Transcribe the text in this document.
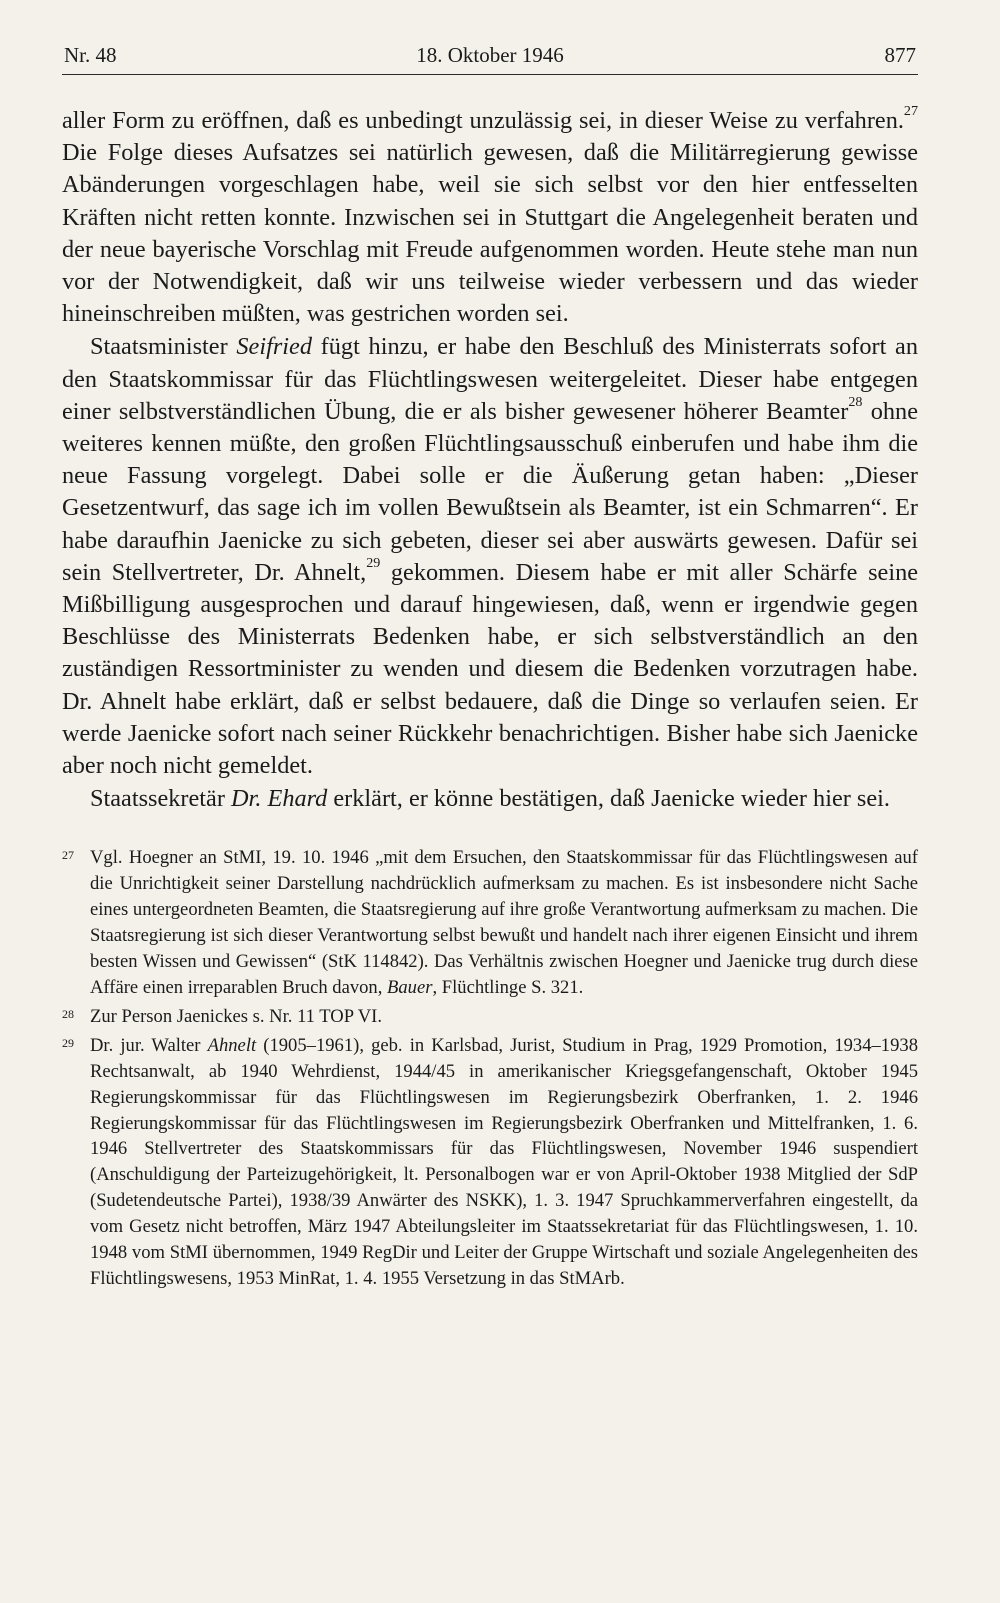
Nr. 48	18. Oktober 1946	877

aller Form zu eröffnen, daß es unbedingt unzulässig sei, in dieser Weise zu verfahren.$^{27}$ Die Folge dieses Aufsatzes sei natürlich gewesen, daß die Militärregierung gewisse Abänderungen vorgeschlagen habe, weil sie sich selbst vor den hier entfesselten Kräften nicht retten konnte. Inzwischen sei in Stuttgart die Angelegenheit beraten und der neue bayerische Vorschlag mit Freude aufgenommen worden. Heute stehe man nun vor der Notwendigkeit, daß wir uns teilweise wieder verbessern und das wieder hineinschreiben müßten, was gestrichen worden sei.

Staatsminister Seifried fügt hinzu, er habe den Beschluß des Ministerrats sofort an den Staatskommissar für das Flüchtlingswesen weitergeleitet. Dieser habe entgegen einer selbstverständlichen Übung, die er als bisher gewesener höherer Beamter$^{28}$ ohne weiteres kennen müßte, den großen Flüchtlingsausschuß einberufen und habe ihm die neue Fassung vorgelegt. Dabei solle er die Äußerung getan haben: „Dieser Gesetzentwurf, das sage ich im vollen Bewußtsein als Beamter, ist ein Schmarren“. Er habe daraufhin Jaenicke zu sich gebeten, dieser sei aber auswärts gewesen. Dafür sei sein Stellvertreter, Dr. Ahnelt,$^{29}$ gekommen. Diesem habe er mit aller Schärfe seine Mißbilligung ausgesprochen und darauf hingewiesen, daß, wenn er irgendwie gegen Beschlüsse des Ministerrats Bedenken habe, er sich selbstverständlich an den zuständigen Ressortminister zu wenden und diesem die Bedenken vorzutragen habe. Dr. Ahnelt habe erklärt, daß er selbst bedauere, daß die Dinge so verlaufen seien. Er werde Jaenicke sofort nach seiner Rückkehr benachrichtigen. Bisher habe sich Jaenicke aber noch nicht gemeldet.

Staatssekretär Dr. Ehard erklärt, er könne bestätigen, daß Jaenicke wieder hier sei.

27 Vgl. Hoegner an StMI, 19. 10. 1946 „mit dem Ersuchen, den Staatskommissar für das Flüchtlingswesen auf die Unrichtigkeit seiner Darstellung nachdrücklich aufmerksam zu machen. Es ist insbesondere nicht Sache eines untergeordneten Beamten, die Staatsregierung auf ihre große Verantwortung aufmerksam zu machen. Die Staatsregierung ist sich dieser Verantwortung selbst bewußt und handelt nach ihrer eigenen Einsicht und ihrem besten Wissen und Gewissen“ (StK 114842). Das Verhältnis zwischen Hoegner und Jaenicke trug durch diese Affäre einen irreparablen Bruch davon, Bauer, Flüchtlinge S. 321.

28 Zur Person Jaenickes s. Nr. 11 TOP VI.

29 Dr. jur. Walter Ahnelt (1905–1961), geb. in Karlsbad, Jurist, Studium in Prag, 1929 Promotion, 1934–1938 Rechtsanwalt, ab 1940 Wehrdienst, 1944/45 in amerikanischer Kriegsgefangenschaft, Oktober 1945 Regierungskommissar für das Flüchtlingswesen im Regierungsbezirk Oberfranken, 1. 2. 1946 Regierungskommissar für das Flüchtlingswesen im Regierungsbezirk Oberfranken und Mittelfranken, 1. 6. 1946 Stellvertreter des Staatskommissars für das Flüchtlingswesen, November 1946 suspendiert (Anschuldigung der Parteizugehörigkeit, lt. Personalbogen war er von April-Oktober 1938 Mitglied der SdP (Sudetendeutsche Partei), 1938/39 Anwärter des NSKK), 1. 3. 1947 Spruchkammerverfahren eingestellt, da vom Gesetz nicht betroffen, März 1947 Abteilungsleiter im Staatssekretariat für das Flüchtlingswesen, 1. 10. 1948 vom StMI übernommen, 1949 RegDir und Leiter der Gruppe Wirtschaft und soziale Angelegenheiten des Flüchtlingswesens, 1953 MinRat, 1. 4. 1955 Versetzung in das StMArb.
